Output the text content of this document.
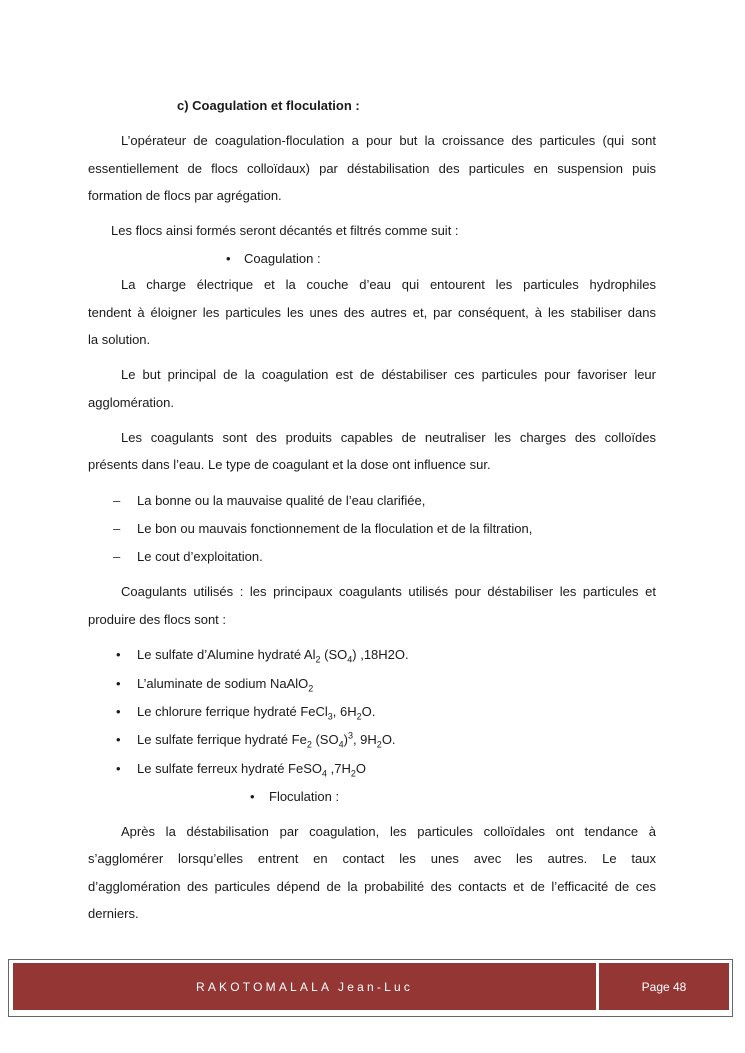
c) Coagulation et floculation :
L’opérateur de coagulation-floculation a pour but la croissance des particules (qui sont
essentiellement de flocs colloïdaux) par déstabilisation des particules en suspension puis
formation de flocs par agrégation.
Les flocs ainsi formés seront décantés et filtrés comme suit :
• Coagulation :
La charge électrique et la couche d’eau qui entourent les particules hydrophiles
tendent à éloigner les particules les unes des autres et, par conséquent, à les stabiliser dans
la solution.
Le but principal de la coagulation est de déstabiliser ces particules pour favoriser leur
agglomération.
Les coagulants sont des produits capables de neutraliser les charges des colloïdes
présents dans l’eau. Le type de coagulant et la dose ont influence sur.
– La bonne ou la mauvaise qualité de l’eau clarifiée,
– Le bon ou mauvais fonctionnement de la floculation et de la filtration,
– Le cout d’exploitation.
Coagulants utilisés : les principaux coagulants utilisés pour déstabiliser les particules et
produire des flocs sont :
• Le sulfate d’Alumine hydraté $Al_2$ $(SO_4)$ ,18H2O.
• L’aluminate de sodium NaAlO$_2$
• Le chlorure ferrique hydraté FeCl$_3$, $6H_2O$.
• Le sulfate ferrique hydraté $Fe_2$ $(SO_4)^3$, $9H_2O$.
• Le sulfate ferreux hydraté FeSO$_4$ $,7H_2O$
• Floculation :
Après la déstabilisation par coagulation, les particules colloïdales ont tendance à
s’agglomérer lorsqu’elles entrent en contact les unes avec les autres. Le taux
d’agglomération des particules dépend de la probabilité des contacts et de l’efficacité de ces
derniers.
RAKOTOMALALA Jean-Luc	Page 48
